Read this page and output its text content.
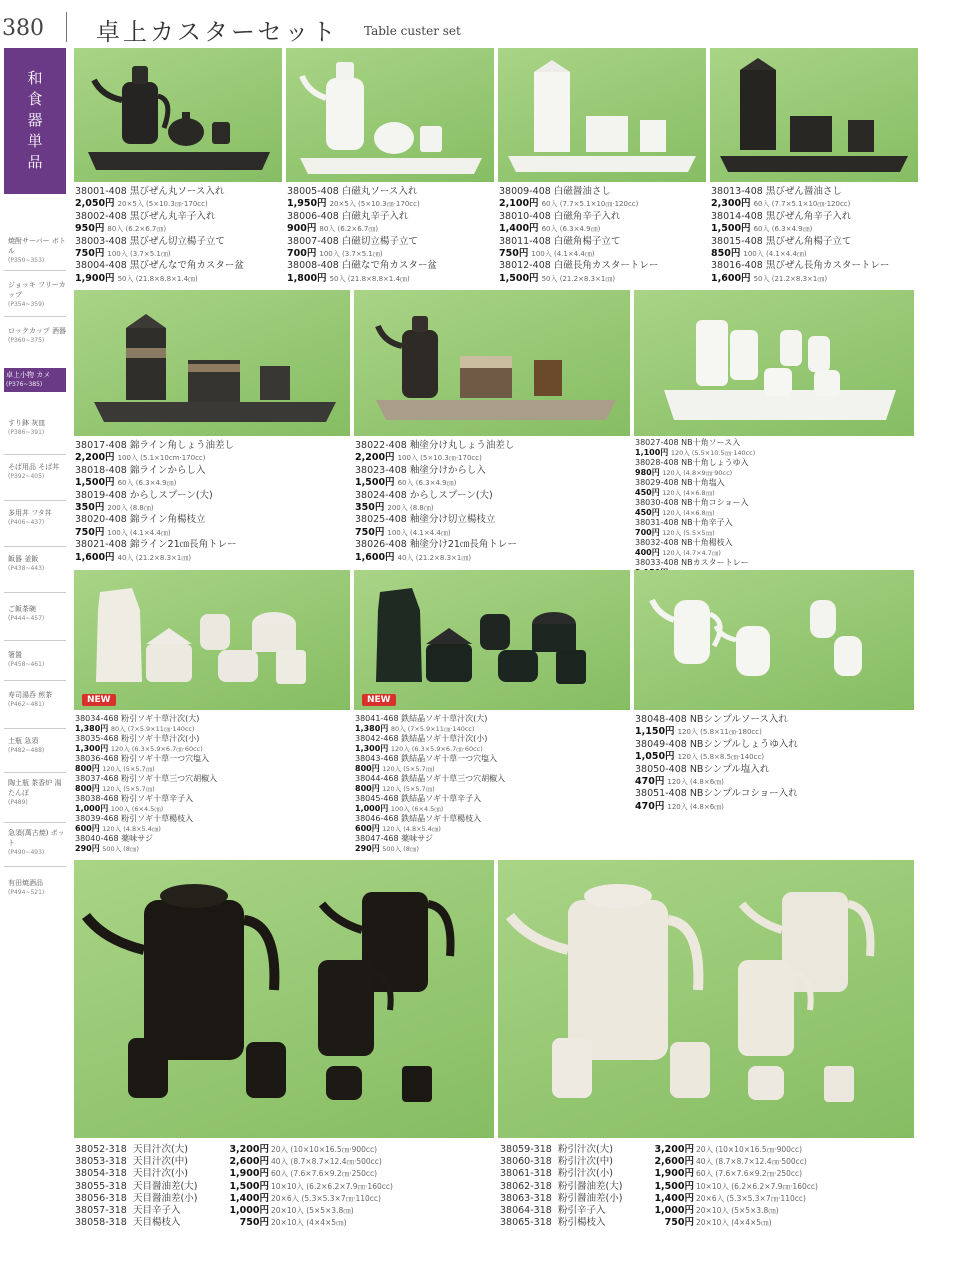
380 卓上カスターセット Table custer set
和食器単品
焼酎サーバー ボトル
(P350~353)
ジョッキ フリーカップ
(P354~359)
ロックカップ 酒器
(P360~375)
卓上小物 カメ
(P376~385)
すり鉢 灰皿
(P386~391)
そば用品 そば丼
(P392~405)
多用丼 フタ丼
(P406~437)
飯器 釜飯
(P438~443)
ご飯茶碗
(P444~457)
箸置
(P458~461)
寿司湯呑 煎茶
(P462~481)
土瓶 急須
(P482~488)
陶土瓶 茶香炉 湯たんぽ
(P489)
急須(萬古焼) ポット
(P490~493)
有田焼酒品
(P494~521)
38001-408 黒びぜん丸ソース入れ
2,050円 20×5入 (5×10.3㎝·170cc)
38002-408 黒びぜん丸辛子入れ
950円 80入 (6.2×6.7㎝)
38003-408 黒びぜん切立楊子立て
750円 100入 (3.7×5.1㎝)
38004-408 黒びぜんなで角カスター盆
1,900円 50入 (21.8×8.8×1.4㎝)
38005-408 白磁丸ソース入れ
1,950円 20×5入 (5×10.3㎝·170cc)
38006-408 白磁丸辛子入れ
900円 80入 (6.2×6.7㎝)
38007-408 白磁切立楊子立て
700円 100入 (3.7×5.1㎝)
38008-408 白磁なで角カスター盆
1,800円 50入 (21.8×8.8×1.4㎝)
38009-408 白磁醤油さし
2,100円 60入 (7.7×5.1×10㎝·120cc)
38010-408 白磁角辛子入れ
1,400円 60入 (6.3×4.9㎝)
38011-408 白磁角楊子立て
750円 100入 (4.1×4.4㎝)
38012-408 白磁長角カスタートレー
1,500円 50入 (21.2×8.3×1㎝)
38013-408 黒びぜん醤油さし
2,300円 60入 (7.7×5.1×10㎝·120cc)
38014-408 黒びぜん角辛子入れ
1,500円 60入 (6.3×4.9㎝)
38015-408 黒びぜん角楊子立て
850円 100入 (4.1×4.4㎝)
38016-408 黒びぜん長角カスタートレー
1,600円 50入 (21.2×8.3×1㎝)
38017-408 錦ライン角しょう油差し
2,200円 100入 (5.1×10cm·170cc)
38018-408 錦ラインからし入
1,500円 60入 (6.3×4.9㎝)
38019-408 からしスプーン(大)
350円 200入 (8.8㎝)
38020-408 錦ライン角楊枝立
750円 100入 (4.1×4.4㎝)
38021-408 錦ライン21㎝長角トレー
1,600円 40入 (21.2×8.3×1㎝)
38022-408 釉塗分け丸しょう油差し
2,200円 100入 (5×10.3㎝·170cc)
38023-408 釉塗分けからし入
1,500円 60入 (6.3×4.9㎝)
38024-408 からしスプーン(大)
350円 200入 (8.8㎝)
38025-408 釉塗分け切立楊枝立
750円 100入 (4.1×4.4㎝)
38026-408 釉塗分け21㎝長角トレー
1,600円 40入 (21.2×8.3×1㎝)
38027-408 NB十角ソース入
1,100円 120入 (5.5×10.5㎝·140cc)
38028-408 NB十角しょうゆ入
980円 120入 (4.8×9㎝·90cc)
38029-408 NB十角塩入
450円 120入 (4×6.8㎝)
38030-408 NB十角コショー入
450円 120入 (4×6.8㎝)
38031-408 NB十角辛子入
700円 120入 (5.5×5㎝)
38032-408 NB十角楊枝入
400円 120入 (4.7×4.7㎝)
38033-408 NBカスタートレー
NEW	NEW
38034-468 粉引ソギ十草汁次(大)
1,380円 80入 (7×5.9×11㎝·140cc)
38035-468 粉引ソギ十草汁次(小)
1,300円 120入 (6.3×5.9×6.7㎝·60cc)
38036-468 粉引ソギ十草一つ穴塩入
800円 120入 (5×5.7㎝)
38037-468 粉引ソギ十草三つ穴胡椒入
800円 120入 (5×5.7㎝)
38038-468 粉引ソギ十草辛子入
1,000円 100入 (6×4.5㎝)
38039-468 粉引ソギ十草楊枝入
600円 120入 (4.8×5.4㎝)
38040-468 薬味サジ
290円 500入 (8㎝)
38041-468 鉄結晶ソギ十草汁次(大)
1,380円 80入 (7×5.9×11㎝·140cc)
38042-468 鉄結晶ソギ十草汁次(小)
1,300円 120入 (6.3×5.9×6.7㎝·60cc)
38043-468 鉄結晶ソギ十草一つ穴塩入
800円 120入 (5×5.7㎝)
38044-468 鉄結晶ソギ十草三つ穴胡椒入
800円 120入 (5×5.7㎝)
38045-468 鉄結晶ソギ十草辛子入
1,000円 100入 (6×4.5㎝)
38046-468 鉄結晶ソギ十草楊枝入
600円 120入 (4.8×5.4㎝)
38047-468 薬味サジ
290円 500入 (8㎝)
38048-408 NBシンプルソース入れ
1,150円 120入 (5.8×11㎝·180cc)
38049-408 NBシンプルしょうゆ入れ
1,050円 120入 (5.8×8.5㎝·140cc)
38050-408 NBシンプル塩入れ
470円 120入 (4.8×6㎝)
38051-408 NBシンプルコショー入れ
470円 120入 (4.8×6㎝)
38052-318 天目汁次(大)	3,200円 20入 (10×10×16.5㎝·900cc)
38053-318 天目汁次(中)	2,600円 40入 (8.7×8.7×12.4㎝·500cc)
38054-318 天目汁次(小)	1,900円 60入 (7.6×7.6×9.2㎝·250cc)
38055-318 天目醤油差(大)	1,500円 10×10入 (6.2×6.2×7.9㎝·160cc)
38056-318 天目醤油差(小)	1,400円 20×6入 (5.3×5.3×7㎝·110cc)
38057-318 天目辛子入	1,000円 20×10入 (5×5×3.8㎝)
38058-318 天目楊枝入	750円 20×10入 (4×4×5㎝)
38059-318 粉引汁次(大)	3,200円 20入 (10×10×16.5㎝·900cc)
38060-318 粉引汁次(中)	2,600円 40入 (8.7×8.7×12.4㎝·500cc)
38061-318 粉引汁次(小)	1,900円 60入 (7.6×7.6×9.2㎝·250cc)
38062-318 粉引醤油差(大)	1,500円 10×10入 (6.2×6.2×7.9㎝·160cc)
38063-318 粉引醤油差(小)	1,400円 20×6入 (5.3×5.3×7㎝·110cc)
38064-318 粉引辛子入	1,000円 20×10入 (5×5×3.8㎝)
38065-318 粉引楊枝入	750円 20×10入 (4×4×5㎝)
